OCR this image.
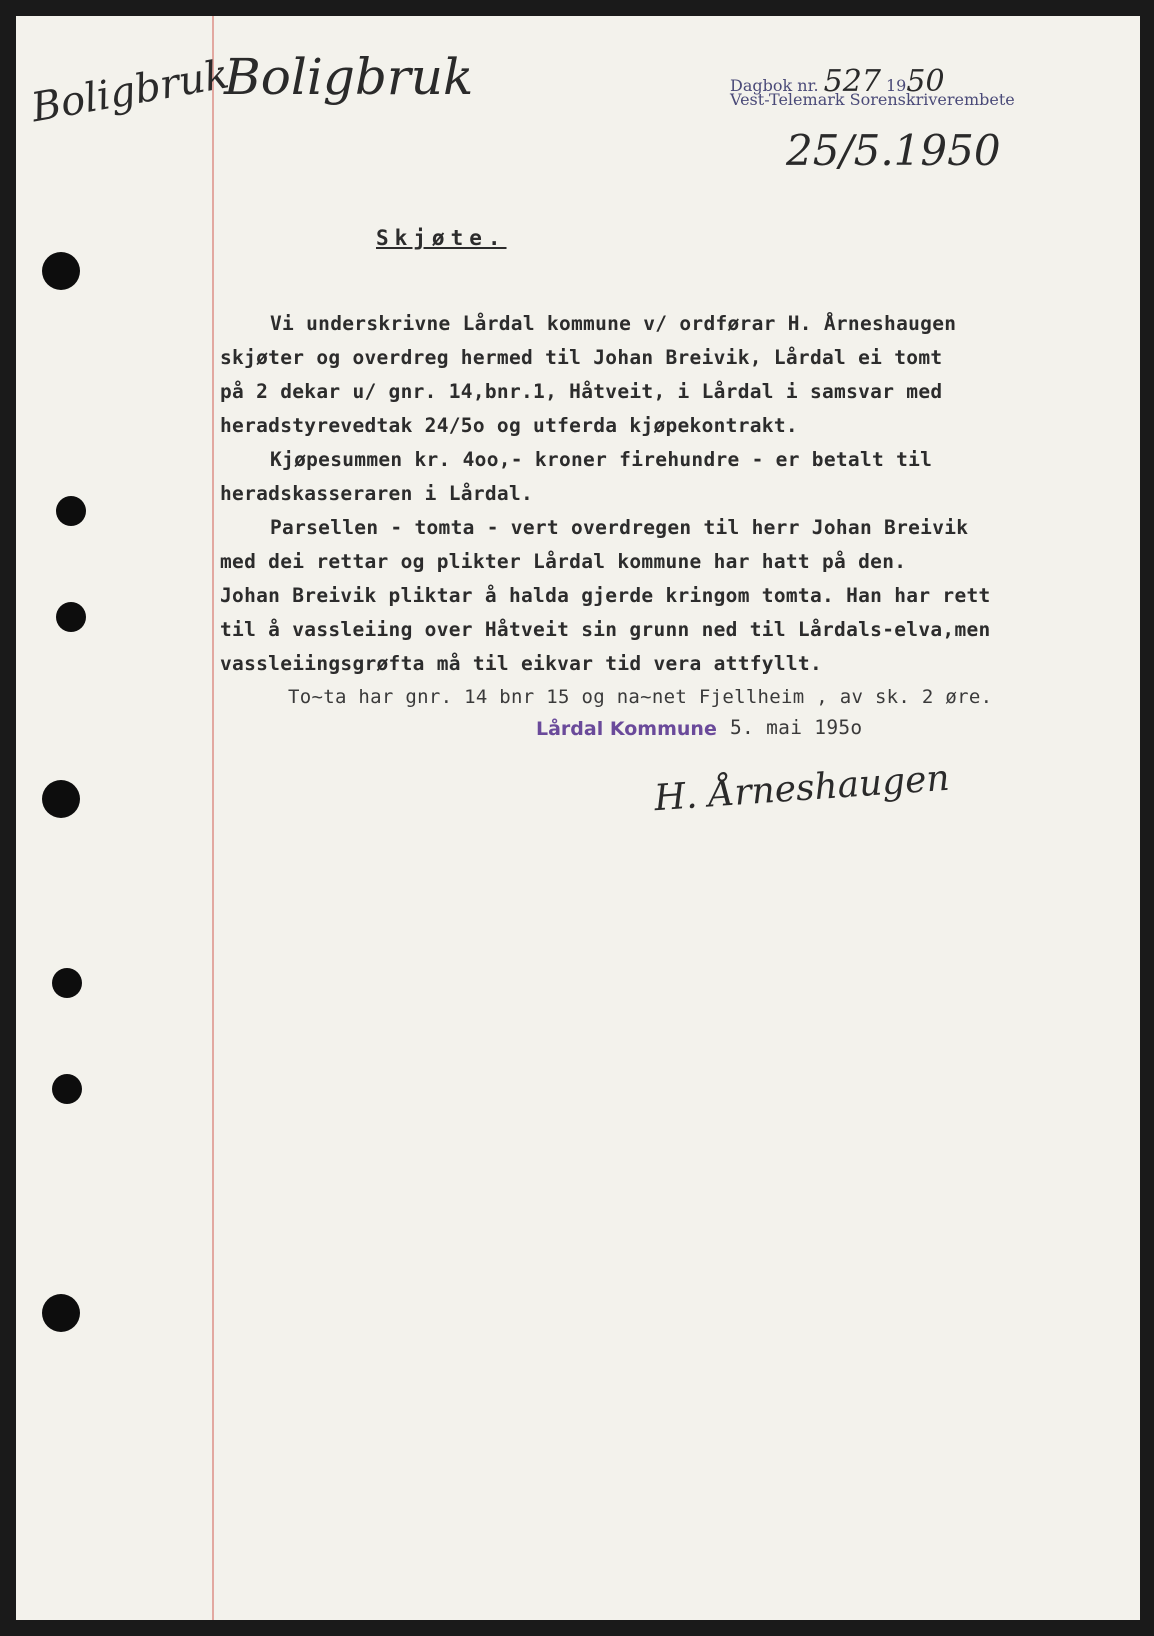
Boligbruk
Boligbruk	Dagbok nr. 527 1950
Vest-Telemark Sorenskriverembete
25/5.1950
Skjøte.
Vi underskrivne Lårdal kommune v/ ordførar H. Årneshaugen
skjøter og overdreg hermed til Johan Breivik, Lårdal ei tomt
på 2 dekar u/ gnr. 14,bnr.1, Håtveit, i Lårdal i samsvar med
heradstyrevedtak 24/5o og utferda kjøpekontrakt.
Kjøpesummen kr. 4oo,- kroner firehundre - er betalt til
heradskasseraren i Lårdal.
Parsellen - tomta - vert overdregen til herr Johan Breivik
med dei rettar og plikter Lårdal kommune har hatt på den.
Johan Breivik pliktar å halda gjerde kringom tomta. Han har rett
til å vassleiing over Håtveit sin grunn ned til Lårdals-elva,men
vassleiingsgrøfta må til eikvar tid vera attfyllt.
To~ta har gnr. 14 bnr 15 og na~net Fjellheim , av sk. 2 øre.
Lårdal Kommune 5. mai 195o
H. Årneshaugen
